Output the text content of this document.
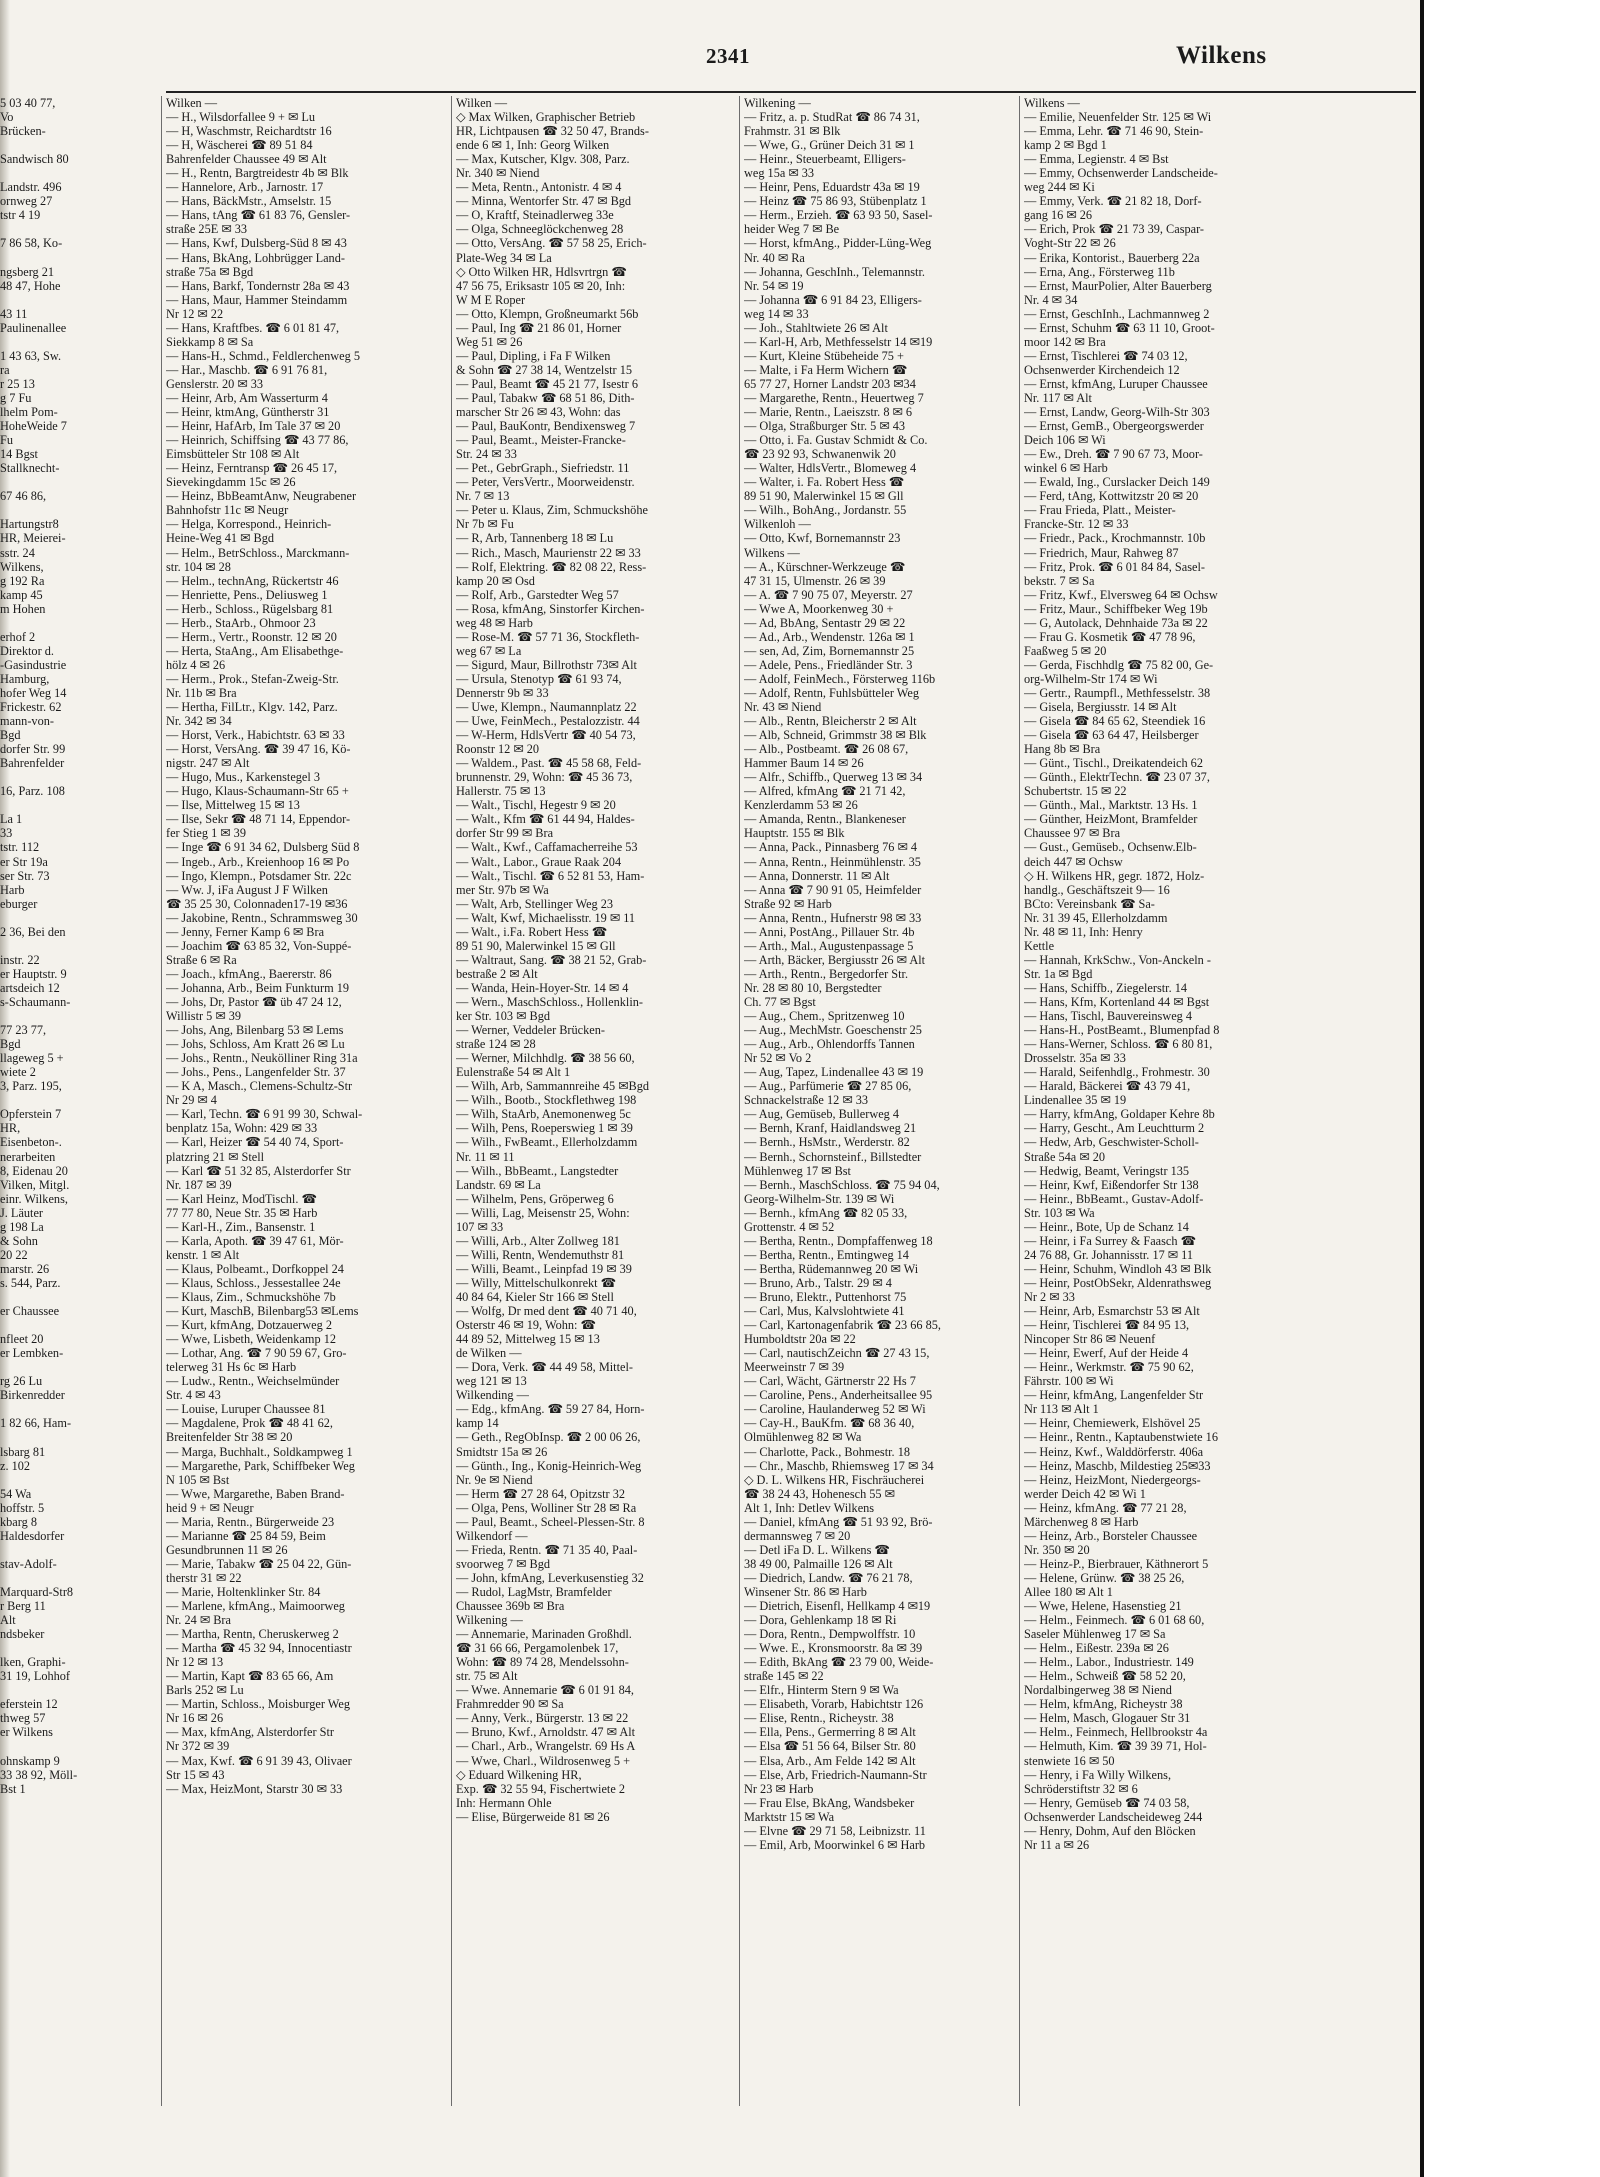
2341	Wilkens
5 03 40 77,
Vo
Brücken-

Sandwisch 80

Landstr. 496
ornweg 27
tstr 4 19

7 86 58, Ko-

ngsberg 21
48 47, Hohe

43 11
Paulinenallee

1 43 63, Sw.
ra
r 25 13
g 7 Fu
lhelm Pom-
HoheWeide 7
Fu
14 Bgst
Stallknecht-

67 46 86,

Hartungstr8
HR, Meierei-
sstr. 24
Wilkens,
g 192 Ra
kamp 45
m Hohen

erhof 2
Direktor d.
-Gasindustrie
Hamburg,
hofer Weg 14
Frickestr. 62
mann-von-
Bgd
dorfer Str. 99
Bahrenfelder

16, Parz. 108

La 1
33
tstr. 112
er Str 19a
ser Str. 73
Harb
eburger

2 36, Bei den

instr. 22
er Hauptstr. 9
artsdeich 12
s-Schaumann-

77 23 77,
Bgd
llageweg 5 +
wiete 2
3, Parz. 195,

Opferstein 7
HR,
Eisenbeton-.
nerarbeiten
8, Eidenau 20
Vilken, Mitgl.
einr. Wilkens,
J. Läuter
g 198 La
& Sohn
20 22
marstr. 26
s. 544, Parz.

er Chaussee

nfleet 20
er Lembken-

rg 26 Lu
Birkenredder

1 82 66, Ham-

lsbarg 81
z. 102

54 Wa
hoffstr. 5
kbarg 8
Haldesdorfer

stav-Adolf-

Marquard-Str8
r Berg 11
Alt
ndsbeker

lken, Graphi-
31 19, Lohhof

eferstein 12
thweg 57
er Wilkens

ohnskamp 9
33 38 92, Möll-
Bst 1
Wilken —
— H., Wilsdorfallee 9 + ✉ Lu
— H, Waschmstr, Reichardtstr 16
— H, Wäscherei ☎ 89 51 84
Bahrenfelder Chaussee 49 ✉ Alt
— H., Rentn, Bargtreidestr 4b ✉ Blk
— Hannelore, Arb., Jarnostr. 17
— Hans, BäckMstr., Amselstr. 15
— Hans, tAng ☎ 61 83 76, Gensler-
straße 25E ✉ 33
— Hans, Kwf, Dulsberg-Süd 8 ✉ 43
— Hans, BkAng, Lohbrügger Land-
straße 75a ✉ Bgd
— Hans, Barkf, Tondernstr 28a ✉ 43
— Hans, Maur, Hammer Steindamm
Nr 12 ✉ 22
— Hans, Kraftfbes. ☎ 6 01 81 47,
Siekkamp 8 ✉ Sa
— Hans-H., Schmd., Feldlerchenweg 5
— Har., Maschb. ☎ 6 91 76 81,
Genslerstr. 20 ✉ 33
— Heinr, Arb, Am Wasserturm 4
— Heinr, ktmAng, Güntherstr 31
— Heinr, HafArb, Im Tale 37 ✉ 20
— Heinrich, Schiffsing ☎ 43 77 86,
Eimsbütteler Str 108 ✉ Alt
— Heinz, Ferntransp ☎ 26 45 17,
Sievekingdamm 15c ✉ 26
— Heinz, BbBeamtAnw, Neugrabener
Bahnhofstr 11c ✉ Neugr
— Helga, Korrespond., Heinrich-
Heine-Weg 41 ✉ Bgd
— Helm., BetrSchloss., Marckmann-
str. 104 ✉ 28
— Helm., technAng, Rückertstr 46
— Henriette, Pens., Deliusweg 1
— Herb., Schloss., Rügelsbarg 81
— Herb., StaArb., Ohmoor 23
— Herm., Vertr., Roonstr. 12 ✉ 20
— Herta, StaAng., Am Elisabethge-
hölz 4 ✉ 26
— Herm., Prok., Stefan-Zweig-Str.
Nr. 11b ✉ Bra
— Hertha, FilLtr., Klgv. 142, Parz.
Nr. 342 ✉ 34
— Horst, Verk., Habichtstr. 63 ✉ 33
— Horst, VersAng. ☎ 39 47 16, Kö-
nigstr. 247 ✉ Alt
— Hugo, Mus., Karkenstegel 3
— Hugo, Klaus-Schaumann-Str 65 +
— Ilse, Mittelweg 15 ✉ 13
— Ilse, Sekr ☎ 48 71 14, Eppendor-
fer Stieg 1 ✉ 39
— Inge ☎ 6 91 34 62, Dulsberg Süd 8
— Ingeb., Arb., Kreienhoop 16 ✉ Po
— Ingo, Klempn., Potsdamer Str. 22c
— Ww. J, iFa August J F Wilken
☎ 35 25 30, Colonnaden17-19 ✉36
— Jakobine, Rentn., Schrammsweg 30
— Jenny, Ferner Kamp 6 ✉ Bra
— Joachim ☎ 63 85 32, Von-Suppé-
Straße 6 ✉ Ra
— Joach., kfmAng., Baererstr. 86
— Johanna, Arb., Beim Funkturm 19
— Johs, Dr, Pastor ☎ üb 47 24 12,
Willistr 5 ✉ 39
— Johs, Ang, Bilenbarg 53 ✉ Lems
— Johs, Schloss, Am Kratt 26 ✉ Lu
— Johs., Rentn., Neukölliner Ring 31a
— Johs., Pens., Langenfelder Str. 37
— K A, Masch., Clemens-Schultz-Str
Nr 29 ✉ 4
— Karl, Techn. ☎ 6 91 99 30, Schwal-
benplatz 15a, Wohn: 429 ✉ 33
— Karl, Heizer ☎ 54 40 74, Sport-
platzring 21 ✉ Stell
— Karl ☎ 51 32 85, Alsterdorfer Str
Nr. 187 ✉ 39
— Karl Heinz, ModTischl. ☎
77 77 80, Neue Str. 35 ✉ Harb
— Karl-H., Zim., Bansenstr. 1
— Karla, Apoth. ☎ 39 47 61, Mör-
kenstr. 1 ✉ Alt
— Klaus, Polbeamt., Dorfkoppel 24
— Klaus, Schloss., Jessestallee 24e
— Klaus, Zim., Schmuckshöhe 7b
— Kurt, MaschB, Bilenbarg53 ✉Lems
— Kurt, kfmAng, Dotzauerweg 2
— Wwe, Lisbeth, Weidenkamp 12
— Lothar, Ang. ☎ 7 90 59 67, Gro-
telerweg 31 Hs 6c ✉ Harb
— Ludw., Rentn., Weichselmünder
Str. 4 ✉ 43
— Louise, Luruper Chaussee 81
— Magdalene, Prok ☎ 48 41 62,
Breitenfelder Str 38 ✉ 20
— Marga, Buchhalt., Soldkampweg 1
— Margarethe, Park, Schiffbeker Weg
N 105 ✉ Bst
— Wwe, Margarethe, Baben Brand-
heid 9 + ✉ Neugr
— Maria, Rentn., Bürgerweide 23
— Marianne ☎ 25 84 59, Beim
Gesundbrunnen 11 ✉ 26
— Marie, Tabakw ☎ 25 04 22, Gün-
therstr 31 ✉ 22
— Marie, Holtenklinker Str. 84
— Marlene, kfmAng., Maimoorweg
Nr. 24 ✉ Bra
— Martha, Rentn, Cheruskerweg 2
— Martha ☎ 45 32 94, Innocentiastr
Nr 12 ✉ 13
— Martin, Kapt ☎ 83 65 66, Am
Barls 252 ✉ Lu
— Martin, Schloss., Moisburger Weg
Nr 16 ✉ 26
— Max, kfmAng, Alsterdorfer Str
Nr 372 ✉ 39
— Max, Kwf. ☎ 6 91 39 43, Olivaer
Str 15 ✉ 43
— Max, HeizMont, Starstr 30 ✉ 33
Wilken —
◇ Max Wilken, Graphischer Betrieb
HR, Lichtpausen ☎ 32 50 47, Brands-
ende 6 ✉ 1, Inh: Georg Wilken
— Max, Kutscher, Klgv. 308, Parz.
Nr. 340 ✉ Niend
— Meta, Rentn., Antonistr. 4 ✉ 4
— Minna, Wentorfer Str. 47 ✉ Bgd
— O, Kraftf, Steinadlerweg 33e
— Olga, Schneeglöckchenweg 28
— Otto, VersAng. ☎ 57 58 25, Erich-
Plate-Weg 34 ✉ La
◇ Otto Wilken HR, Hdlsvrtrgn ☎
47 56 75, Eriksastr 105 ✉ 20, Inh:
W M E Roper
— Otto, Klempn, Großneumarkt 56b
— Paul, Ing ☎ 21 86 01, Horner
Weg 51 ✉ 26
— Paul, Dipling, i Fa F Wilken
& Sohn ☎ 27 38 14, Wentzelstr 15
— Paul, Beamt ☎ 45 21 77, Isestr 6
— Paul, Tabakw ☎ 68 51 86, Dith-
marscher Str 26 ✉ 43, Wohn: das
— Paul, BauKontr, Bendixensweg 7
— Paul, Beamt., Meister-Francke-
Str. 24 ✉ 33
— Pet., GebrGraph., Siefriedstr. 11
— Peter, VersVertr., Moorweidenstr.
Nr. 7 ✉ 13
— Peter u. Klaus, Zim, Schmuckshöhe
Nr 7b ✉ Fu
— R, Arb, Tannenberg 18 ✉ Lu
— Rich., Masch, Maurienstr 22 ✉ 33
— Rolf, Elektring. ☎ 82 08 22, Ress-
kamp 20 ✉ Osd
— Rolf, Arb., Garstedter Weg 57
— Rosa, kfmAng, Sinstorfer Kirchen-
weg 48 ✉ Harb
— Rose-M. ☎ 57 71 36, Stockfleth-
weg 67 ✉ La
— Sigurd, Maur, Billrothstr 73✉ Alt
— Ursula, Stenotyp ☎ 61 93 74,
Dennerstr 9b ✉ 33
— Uwe, Klempn., Naumannplatz 22
— Uwe, FeinMech., Pestalozzistr. 44
— W-Herm, HdlsVertr ☎ 40 54 73,
Roonstr 12 ✉ 20
— Waldem., Past. ☎ 45 58 68, Feld-
brunnenstr. 29, Wohn: ☎ 45 36 73,
Hallerstr. 75 ✉ 13
— Walt., Tischl, Hegestr 9 ✉ 20
— Walt., Kfm ☎ 61 44 94, Haldes-
dorfer Str 99 ✉ Bra
— Walt., Kwf., Caffamacherreihe 53
— Walt., Labor., Graue Raak 204
— Walt., Tischl. ☎ 6 52 81 53, Ham-
mer Str. 97b ✉ Wa
— Walt, Arb, Stellinger Weg 23
— Walt, Kwf, Michaelisstr. 19 ✉ 11
— Walt., i.Fa. Robert Hess ☎
89 51 90, Malerwinkel 15 ✉ Gll
— Waltraut, Sang. ☎ 38 21 52, Grab-
bestraße 2 ✉ Alt
— Wanda, Hein-Hoyer-Str. 14 ✉ 4
— Wern., MaschSchloss., Hollenklin-
ker Str. 103 ✉ Bgd
— Werner, Veddeler Brücken-
straße 124 ✉ 28
— Werner, Milchhdlg. ☎ 38 56 60,
Eulenstraße 54 ✉ Alt 1
— Wilh, Arb, Sammannreihe 45 ✉Bgd
— Wilh., Bootb., Stockflethweg 198
— Wilh, StaArb, Anemonenweg 5c
— Wilh, Pens, Roeperswieg 1 ✉ 39
— Wilh., FwBeamt., Ellerholzdamm
Nr. 11 ✉ 11
— Wilh., BbBeamt., Langstedter
Landstr. 69 ✉ La
— Wilhelm, Pens, Gröperweg 6
— Willi, Lag, Meisenstr 25, Wohn:
107 ✉ 33
— Willi, Arb., Alter Zollweg 181
— Willi, Rentn, Wendemuthstr 81
— Willi, Beamt., Leinpfad 19 ✉ 39
— Willy, Mittelschulkonrekt ☎
40 84 64, Kieler Str 166 ✉ Stell
— Wolfg, Dr med dent ☎ 40 71 40,
Osterstr 46 ✉ 19, Wohn: ☎
44 89 52, Mittelweg 15 ✉ 13
de Wilken —
— Dora, Verk. ☎ 44 49 58, Mittel-
weg 121 ✉ 13
Wilkending —
— Edg., kfmAng. ☎ 59 27 84, Horn-
kamp 14
— Geth., RegObInsp. ☎ 2 00 06 26,
Smidtstr 15a ✉ 26
— Günth., Ing., Konig-Heinrich-Weg
Nr. 9e ✉ Niend
— Herm ☎ 27 28 64, Opitzstr 32
— Olga, Pens, Wolliner Str 28 ✉ Ra
— Paul, Beamt., Scheel-Plessen-Str. 8
Wilkendorf —
— Frieda, Rentn. ☎ 71 35 40, Paal-
svoorweg 7 ✉ Bgd
— John, kfmAng, Leverkusenstieg 32
— Rudol, LagMstr, Bramfelder
Chaussee 369b ✉ Bra
Wilkening —
— Annemarie, Marinaden Großhdl.
☎ 31 66 66, Pergamolenbek 17,
Wohn: ☎ 89 74 28, Mendelssohn-
str. 75 ✉ Alt
— Wwe. Annemarie ☎ 6 01 91 84,
Frahmredder 90 ✉ Sa
— Anny, Verk., Bürgerstr. 13 ✉ 22
— Bruno, Kwf., Arnoldstr. 47 ✉ Alt
— Charl., Arb., Wrangelstr. 69 Hs A
— Wwe, Charl., Wildrosenweg 5 +
◇ Eduard Wilkening HR,
Exp. ☎ 32 55 94, Fischertwiete 2
Inh: Hermann Ohle
— Elise, Bürgerweide 81 ✉ 26
Wilkening —
— Fritz, a. p. StudRat ☎ 86 74 31,
Frahmstr. 31 ✉ Blk
— Wwe, G., Grüner Deich 31 ✉ 1
— Heinr., Steuerbeamt, Elligers-
weg 15a ✉ 33
— Heinr, Pens, Eduardstr 43a ✉ 19
— Heinz ☎ 75 86 93, Stübenplatz 1
— Herm., Erzieh. ☎ 63 93 50, Sasel-
heider Weg 7 ✉ Be
— Horst, kfmAng., Pidder-Lüng-Weg
Nr. 40 ✉ Ra
— Johanna, GeschInh., Telemannstr.
Nr. 54 ✉ 19
— Johanna ☎ 6 91 84 23, Elligers-
weg 14 ✉ 33
— Joh., Stahltwiete 26 ✉ Alt
— Karl-H, Arb, Methfesselstr 14 ✉19
— Kurt, Kleine Stübeheide 75 +
— Malte, i Fa Herm Wichern ☎
65 77 27, Horner Landstr 203 ✉34
— Margarethe, Rentn., Heuertweg 7
— Marie, Rentn., Laeiszstr. 8 ✉ 6
— Olga, Straßburger Str. 5 ✉ 43
— Otto, i. Fa. Gustav Schmidt & Co.
☎ 23 92 93, Schwanenwik 20
— Walter, HdlsVertr., Blomeweg 4
— Walter, i. Fa. Robert Hess ☎
89 51 90, Malerwinkel 15 ✉ Gll
— Wilh., BohAng., Jordanstr. 55
Wilkenloh —
— Otto, Kwf, Bornemannstr 23
Wilkens —
— A., Kürschner-Werkzeuge ☎
47 31 15, Ulmenstr. 26 ✉ 39
— A. ☎ 7 90 75 07, Meyerstr. 27
— Wwe A, Moorkenweg 30 +
— Ad, BbAng, Sentastr 29 ✉ 22
— Ad., Arb., Wendenstr. 126a ✉ 1
— sen, Ad, Zim, Bornemannstr 25
— Adele, Pens., Friedländer Str. 3
— Adolf, FeinMech., Försterweg 116b
— Adolf, Rentn, Fuhlsbütteler Weg
Nr. 43 ✉ Niend
— Alb., Rentn, Bleicherstr 2 ✉ Alt
— Alb, Schneid, Grimmstr 38 ✉ Blk
— Alb., Postbeamt. ☎ 26 08 67,
Hammer Baum 14 ✉ 26
— Alfr., Schiffb., Querweg 13 ✉ 34
— Alfred, kfmAng ☎ 21 71 42,
Kenzlerdamm 53 ✉ 26
— Amanda, Rentn., Blankeneser
Hauptstr. 155 ✉ Blk
— Anna, Pack., Pinnasberg 76 ✉ 4
— Anna, Rentn., Heinmühlenstr. 35
— Anna, Donnerstr. 11 ✉ Alt
— Anna ☎ 7 90 91 05, Heimfelder
Straße 92 ✉ Harb
— Anna, Rentn., Hufnerstr 98 ✉ 33
— Anni, PostAng., Pillauer Str. 4b
— Arth., Mal., Augustenpassage 5
— Arth, Bäcker, Bergiusstr 26 ✉ Alt
— Arth., Rentn., Bergedorfer Str.
Nr. 28 ✉ 80 10, Bergstedter
Ch. 77 ✉ Bgst
— Aug., Chem., Spritzenweg 10
— Aug., MechMstr. Goeschenstr 25
— Aug., Arb., Ohlendorffs Tannen
Nr 52 ✉ Vo 2
— Aug, Tapez, Lindenallee 43 ✉ 19
— Aug., Parfümerie ☎ 27 85 06,
Schnackelstraße 12 ✉ 33
— Aug, Gemüseb, Bullerweg 4
— Bernh, Kranf, Haidlandsweg 21
— Bernh., HsMstr., Werderstr. 82
— Bernh., Schornsteinf., Billstedter
Mühlenweg 17 ✉ Bst
— Bernh., MaschSchloss. ☎ 75 94 04,
Georg-Wilhelm-Str. 139 ✉ Wi
— Bernh., kfmAng ☎ 82 05 33,
Grottenstr. 4 ✉ 52
— Bertha, Rentn., Dompfaffenweg 18
— Bertha, Rentn., Emtingweg 14
— Bertha, Rüdemannweg 20 ✉ Wi
— Bruno, Arb., Talstr. 29 ✉ 4
— Bruno, Elektr., Puttenhorst 75
— Carl, Mus, Kalvslohtwiete 41
— Carl, Kartonagenfabrik ☎ 23 66 85,
Humboldtstr 20a ✉ 22
— Carl, nautischZeichn ☎ 27 43 15,
Meerweinstr 7 ✉ 39
— Carl, Wächt, Gärtnerstr 22 Hs 7
— Caroline, Pens., Anderheitsallee 95
— Caroline, Haulanderweg 52 ✉ Wi
— Cay-H., BauKfm. ☎ 68 36 40,
Olmühlenweg 82 ✉ Wa
— Charlotte, Pack., Bohmestr. 18
— Chr., Maschb, Rhiemsweg 17 ✉ 34
◇ D. L. Wilkens HR, Fischräucherei
☎ 38 24 43, Hohenesch 55 ✉
Alt 1, Inh: Detlev Wilkens
— Daniel, kfmAng ☎ 51 93 92, Brö-
dermannsweg 7 ✉ 20
— Detl iFa D. L. Wilkens ☎
38 49 00, Palmaille 126 ✉ Alt
— Diedrich, Landw. ☎ 76 21 78,
Winsener Str. 86 ✉ Harb
— Dietrich, Eisenfl, Hellkamp 4 ✉19
— Dora, Gehlenkamp 18 ✉ Ri
— Dora, Rentn., Dempwolffstr. 10
— Wwe. E., Kronsmoorstr. 8a ✉ 39
— Edith, BkAng ☎ 23 79 00, Weide-
straße 145 ✉ 22
— Elfr., Hinterm Stern 9 ✉ Wa
— Elisabeth, Vorarb, Habichtstr 126
— Elise, Rentn., Richeystr. 38
— Ella, Pens., Germerring 8 ✉ Alt
— Elsa ☎ 51 56 64, Bilser Str. 80
— Elsa, Arb., Am Felde 142 ✉ Alt
— Else, Arb, Friedrich-Naumann-Str
Nr 23 ✉ Harb
— Frau Else, BkAng, Wandsbeker
Marktstr 15 ✉ Wa
— Elvne ☎ 29 71 58, Leibnizstr. 11
— Emil, Arb, Moorwinkel 6 ✉ Harb
Wilkens —
— Emilie, Neuenfelder Str. 125 ✉ Wi
— Emma, Lehr. ☎ 71 46 90, Stein-
kamp 2 ✉ Bgd 1
— Emma, Legienstr. 4 ✉ Bst
— Emmy, Ochsenwerder Landscheide-
weg 244 ✉ Ki
— Emmy, Verk. ☎ 21 82 18, Dorf-
gang 16 ✉ 26
— Erich, Prok ☎ 21 73 39, Caspar-
Voght-Str 22 ✉ 26
— Erika, Kontorist., Bauerberg 22a
— Erna, Ang., Försterweg 11b
— Ernst, MaurPolier, Alter Bauerberg
Nr. 4 ✉ 34
— Ernst, GeschInh., Lachmannweg 2
— Ernst, Schuhm ☎ 63 11 10, Groot-
moor 142 ✉ Bra
— Ernst, Tischlerei ☎ 74 03 12,
Ochsenwerder Kirchendeich 12
— Ernst, kfmAng, Luruper Chaussee
Nr. 117 ✉ Alt
— Ernst, Landw, Georg-Wilh-Str 303
— Ernst, GemB., Obergeorgswerder
Deich 106 ✉ Wi
— Ew., Dreh. ☎ 7 90 67 73, Moor-
winkel 6 ✉ Harb
— Ewald, Ing., Curslacker Deich 149
— Ferd, tAng, Kottwitzstr 20 ✉ 20
— Frau Frieda, Platt., Meister-
Francke-Str. 12 ✉ 33
— Friedr., Pack., Krochmannstr. 10b
— Friedrich, Maur, Rahweg 87
— Fritz, Prok. ☎ 6 01 84 84, Sasel-
bekstr. 7 ✉ Sa
— Fritz, Kwf., Elversweg 64 ✉ Ochsw
— Fritz, Maur., Schiffbeker Weg 19b
— G, Autolack, Dehnhaide 73a ✉ 22
— Frau G. Kosmetik ☎ 47 78 96,
Faaßweg 5 ✉ 20
— Gerda, Fischhdlg ☎ 75 82 00, Ge-
org-Wilhelm-Str 174 ✉ Wi
— Gertr., Raumpfl., Methfesselstr. 38
— Gisela, Bergiusstr. 14 ✉ Alt
— Gisela ☎ 84 65 62, Steendiek 16
— Gisela ☎ 63 64 47, Heilsberger
Hang 8b ✉ Bra
— Günt., Tischl., Dreikatendeich 62
— Günth., ElektrTechn. ☎ 23 07 37,
Schubertstr. 15 ✉ 22
— Günth., Mal., Marktstr. 13 Hs. 1
— Günther, HeizMont, Bramfelder
Chaussee 97 ✉ Bra
— Gust., Gemüseb., Ochsenw.Elb-
deich 447 ✉ Ochsw
◇ H. Wilkens HR, gegr. 1872, Holz-
handlg., Geschäftszeit 9— 16
BCto: Vereinsbank ☎ Sa-
Nr. 31 39 45, Ellerholzdamm
Nr. 48 ✉ 11, Inh: Henry
Kettle
— Hannah, KrkSchw., Von-Anckeln -
Str. 1a ✉ Bgd
— Hans, Schiffb., Ziegelerstr. 14
— Hans, Kfm, Kortenland 44 ✉ Bgst
— Hans, Tischl, Bauvereinsweg 4
— Hans-H., PostBeamt., Blumenpfad 8
— Hans-Werner, Schloss. ☎ 6 80 81,
Drosselstr. 35a ✉ 33
— Harald, Seifenhdlg., Frohmestr. 30
— Harald, Bäckerei ☎ 43 79 41,
Lindenallee 35 ✉ 19
— Harry, kfmAng, Goldaper Kehre 8b
— Harry, Gescht., Am Leuchtturm 2
— Hedw, Arb, Geschwister-Scholl-
Straße 54a ✉ 20
— Hedwig, Beamt, Veringstr 135
— Heinr, Kwf, Eißendorfer Str 138
— Heinr., BbBeamt., Gustav-Adolf-
Str. 103 ✉ Wa
— Heinr., Bote, Up de Schanz 14
— Heinr, i Fa Surrey & Faasch ☎
24 76 88, Gr. Johannisstr. 17 ✉ 11
— Heinr, Schuhm, Windloh 43 ✉ Blk
— Heinr, PostObSekr, Aldenrathsweg
Nr 2 ✉ 33
— Heinr, Arb, Esmarchstr 53 ✉ Alt
— Heinr, Tischlerei ☎ 84 95 13,
Nincoper Str 86 ✉ Neuenf
— Heinr, Ewerf, Auf der Heide 4
— Heinr., Werkmstr. ☎ 75 90 62,
Fährstr. 100 ✉ Wi
— Heinr, kfmAng, Langenfelder Str
Nr 113 ✉ Alt 1
— Heinr, Chemiewerk, Elshövel 25
— Heinr., Rentn., Kaptaubenstwiete 16
— Heinz, Kwf., Walddörferstr. 406a
— Heinz, Maschb, Mildestieg 25✉33
— Heinz, HeizMont, Niedergeorgs-
werder Deich 42 ✉ Wi 1
— Heinz, kfmAng. ☎ 77 21 28,
Märchenweg 8 ✉ Harb
— Heinz, Arb., Borsteler Chaussee
Nr. 350 ✉ 20
— Heinz-P., Bierbrauer, Käthnerort 5
— Helene, Grünw. ☎ 38 25 26,
Allee 180 ✉ Alt 1
— Wwe, Helene, Hasenstieg 21
— Helm., Feinmech. ☎ 6 01 68 60,
Saseler Mühlenweg 17 ✉ Sa
— Helm., Eißestr. 239a ✉ 26
— Helm., Labor., Industriestr. 149
— Helm., Schweiß ☎ 58 52 20,
Nordalbingerweg 38 ✉ Niend
— Helm, kfmAng, Richeystr 38
— Helm, Masch, Glogauer Str 31
— Helm., Feinmech, Hellbrookstr 4a
— Helmuth, Kim. ☎ 39 39 71, Hol-
stenwiete 16 ✉ 50
— Henry, i Fa Willy Wilkens,
Schröderstiftstr 32 ✉ 6
— Henry, Gemüseb ☎ 74 03 58,
Ochsenwerder Landscheideweg 244
— Henry, Dohm, Auf den Blöcken
Nr 11 a ✉ 26
